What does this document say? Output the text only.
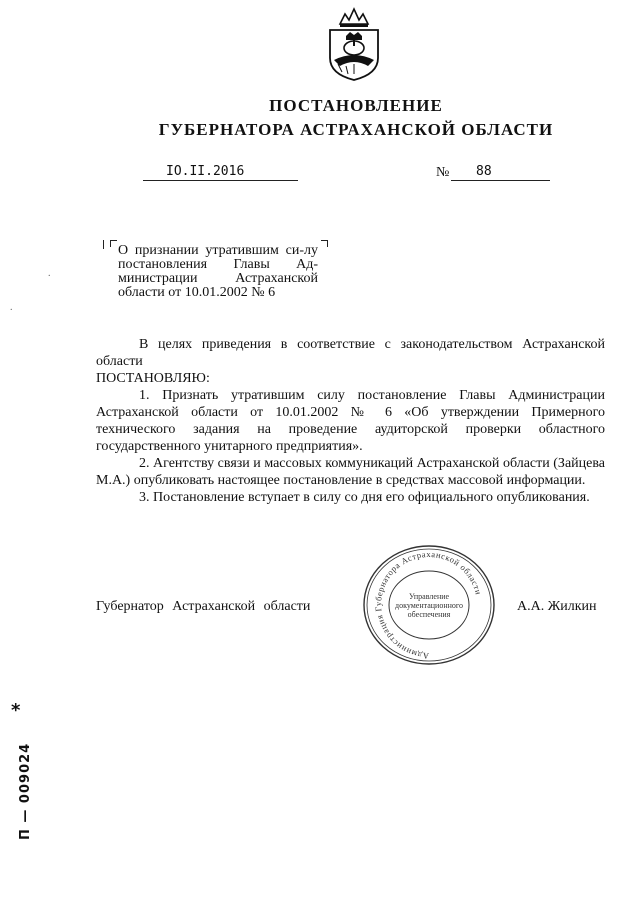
ПОСТАНОВЛЕНИЕ
ГУБЕРНАТОРА АСТРАХАНСКОЙ ОБЛАСТИ
IO.II.2016	№ 88
О признании утратившим си-лу постановления Главы Ад-министрации Астраханской области от 10.01.2002 № 6
.
.

В целях приведения в соответствие с законодательством Астраханской области

ПОСТАНОВЛЯЮ:

1. Признать утратившим силу постановление Главы Администрации Астраханской области от 10.01.2002 № 6 «Об утверждении Примерного технического задания на проведение аудиторской проверки областного государственного унитарного предприятия».

2. Агентству связи и массовых коммуникаций Астраханской области (Зайцева М.А.) опубликовать настоящее постановление в средствах массовой информации.

3. Постановление вступает в силу со дня его официального опубликования.

Губернатор Астраханской области	А.А. Жилкин
Администрация Губернатора Астраханской области
Управление
документационного
обеспечения
*
П — 009024
